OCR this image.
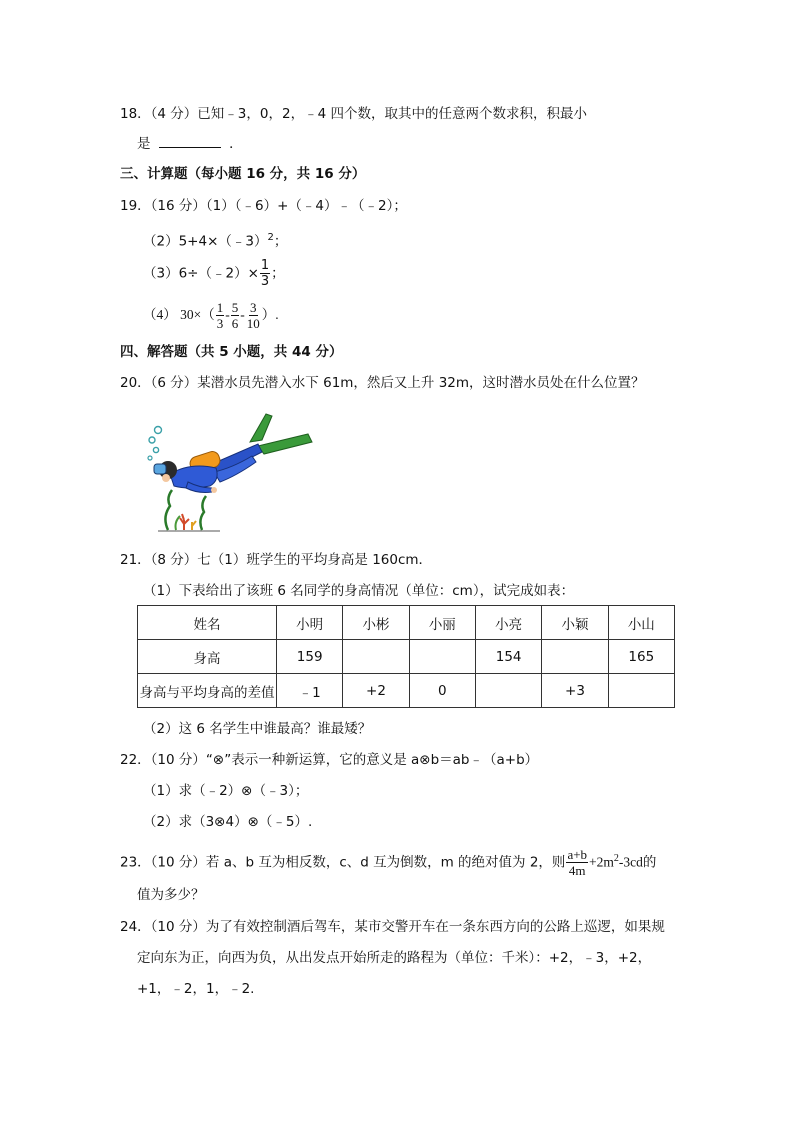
18．（4 分）已知﹣3，0，2，﹣4 四个数，取其中的任意两个数求积，积最小
是	．
三、计算题（每小题 16 分，共 16 分）
19．（16 分）（1）（﹣6）+（﹣4）﹣（﹣2）；
（2）5+4×（﹣3）$^2$；
（3）6÷（﹣2）× $\frac{1}{3}$ ；
（4） $30\times( \frac{1}{3} - \frac{5}{6} - \frac{3}{10}$ ）.
四、解答题（共 5 小题，共 44 分）
20．（6 分）某潜水员先潜入水下 61m，然后又上升 32m，这时潜水员处在什么位置？
21．（8 分）七（1）班学生的平均身高是 160cm．
（1）下表给出了该班 6 名同学的身高情况（单位：cm），试完成如表：
姓名	小明	小彬	小丽	小亮	小颖	小山
身高	159			154		165
身高与平均身高的差值	﹣1	+2	0		+3	
（2）这 6 名学生中谁最高？谁最矮？
22．（10 分）“⊗”表示一种新运算，它的意义是 a⊗b＝ab﹣（a+b）
（1）求（﹣2）⊗（﹣3）；
（2）求（3⊗4）⊗（﹣5）.
23．（10 分）若 a、b 互为相反数，c、d 互为倒数，m 的绝对值为 2，则 $\frac{a+b}{4m} +2m^2-3cd$的
值为多少？
24．（10 分）为了有效控制酒后驾车，某市交警开车在一条东西方向的公路上巡逻，如果规
定向东为正，向西为负，从出发点开始所走的路程为（单位：千米）：+2，﹣3，+2，
+1，﹣2，1，﹣2.
